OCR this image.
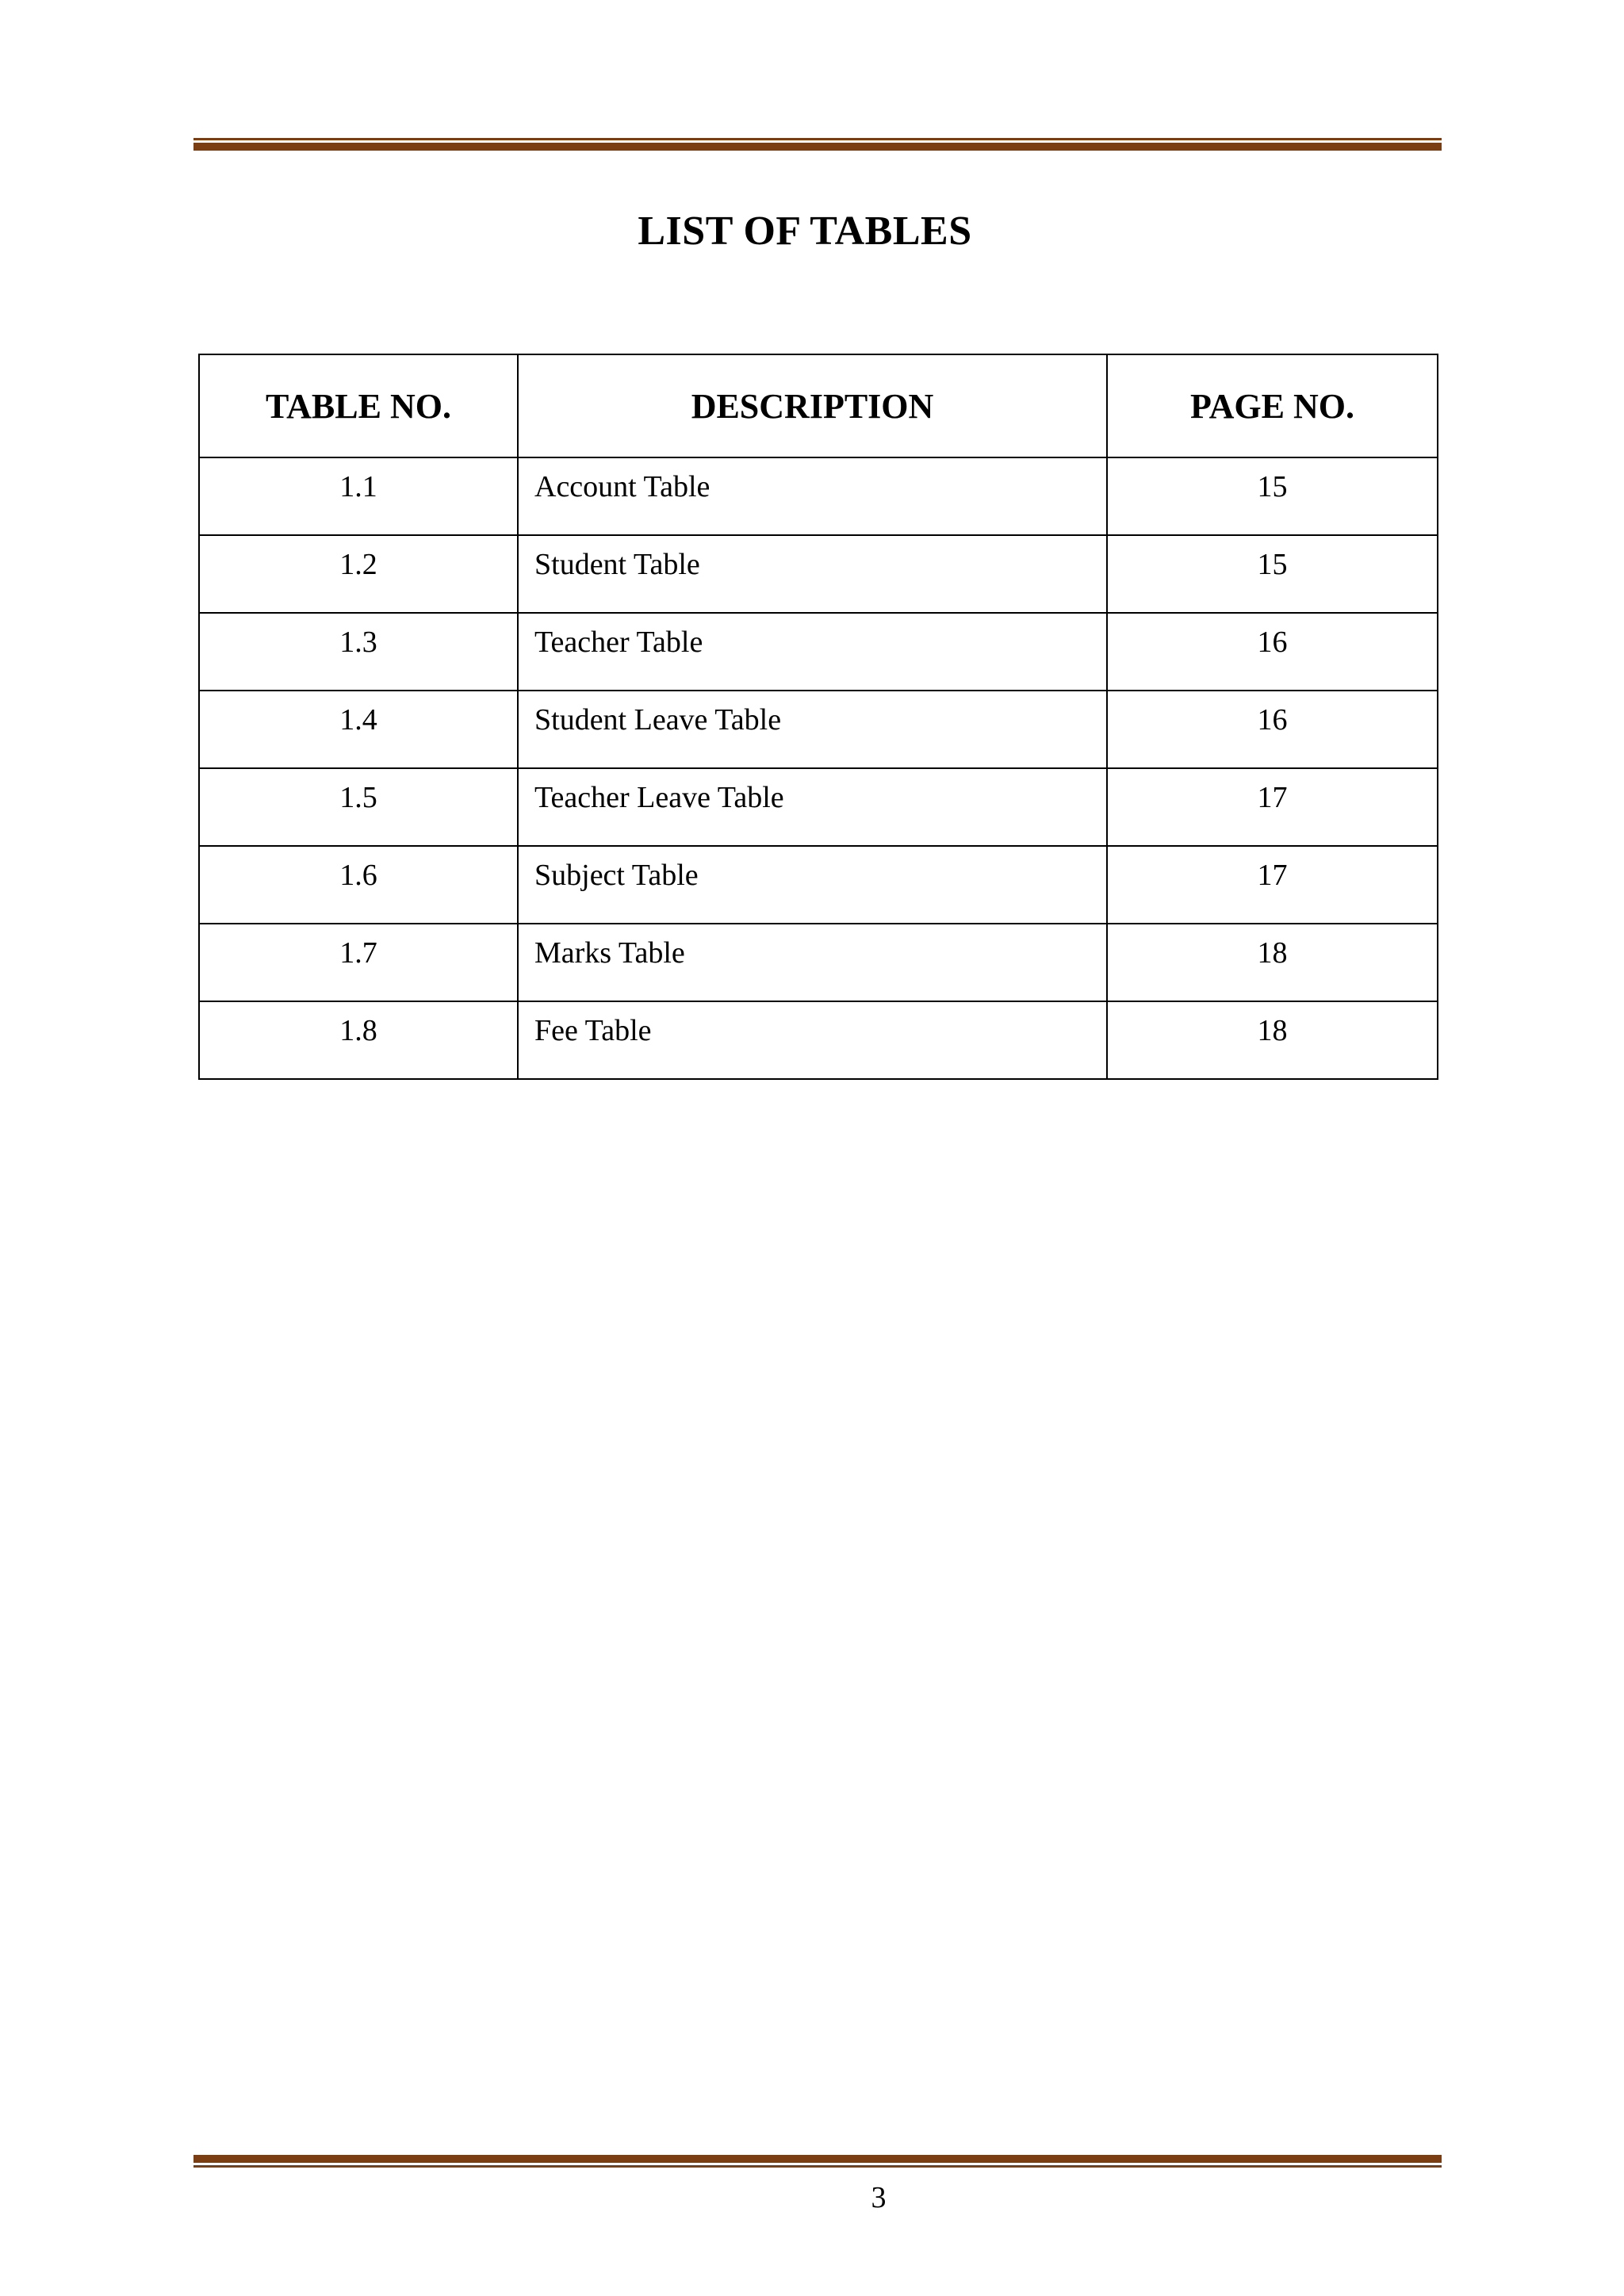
LIST OF TABLES
TABLE NO.	DESCRIPTION	PAGE NO.
1.1	Account Table	15
1.2	Student Table	15
1.3	Teacher Table	16
1.4	Student Leave Table	16
1.5	Teacher Leave Table	17
1.6	Subject Table	17
1.7	Marks Table	18
1.8	Fee Table	18
3
